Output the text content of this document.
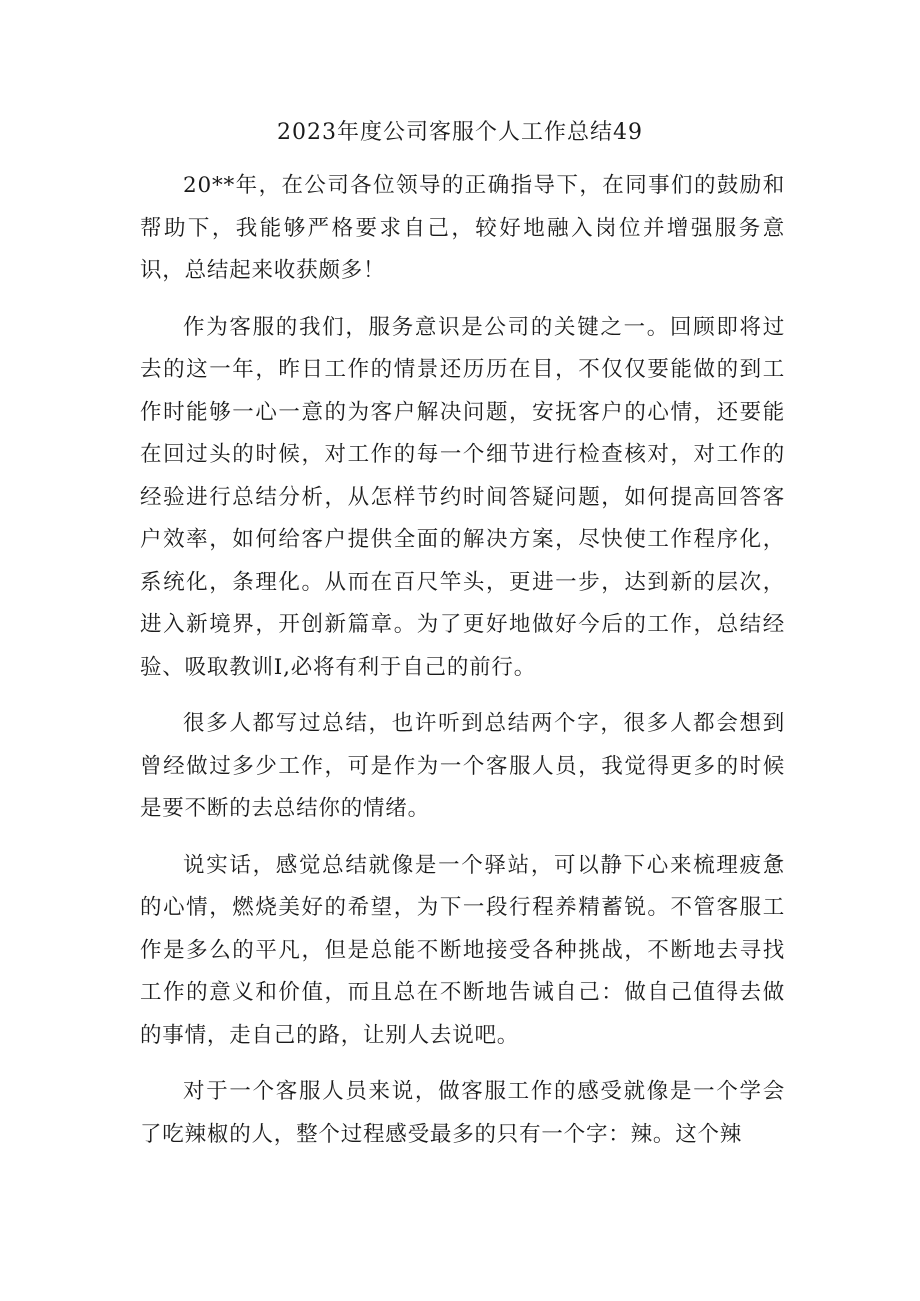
2023年度公司客服个人工作总结49

20**年，在公司各位领导的正确指导下，在同事们的鼓励和帮助下，我能够严格要求自己，较好地融入岗位并增强服务意识，总结起来收获颇多！

作为客服的我们，服务意识是公司的关键之一。回顾即将过去的这一年，昨日工作的情景还历历在目，不仅仅要能做的到工作时能够一心一意的为客户解决问题，安抚客户的心情，还要能在回过头的时候，对工作的每一个细节进行检查核对，对工作的经验进行总结分析，从怎样节约时间答疑问题，如何提高回答客户效率，如何给客户提供全面的解决方案，尽快使工作程序化，系统化，条理化。从而在百尺竿头，更进一步，达到新的层次，进入新境界，开创新篇章。为了更好地做好今后的工作，总结经验、吸取教训I,必将有利于自己的前行。

很多人都写过总结，也许听到总结两个字，很多人都会想到曾经做过多少工作，可是作为一个客服人员，我觉得更多的时候是要不断的去总结你的情绪。

说实话，感觉总结就像是一个驿站，可以静下心来梳理疲惫的心情，燃烧美好的希望，为下一段行程养精蓄锐。不管客服工作是多么的平凡，但是总能不断地接受各种挑战，不断地去寻找工作的意义和价值，而且总在不断地告诫自己：做自己值得去做的事情，走自己的路，让别人去说吧。

对于一个客服人员来说，做客服工作的感受就像是一个学会了吃辣椒的人，整个过程感受最多的只有一个字：辣。这个辣
